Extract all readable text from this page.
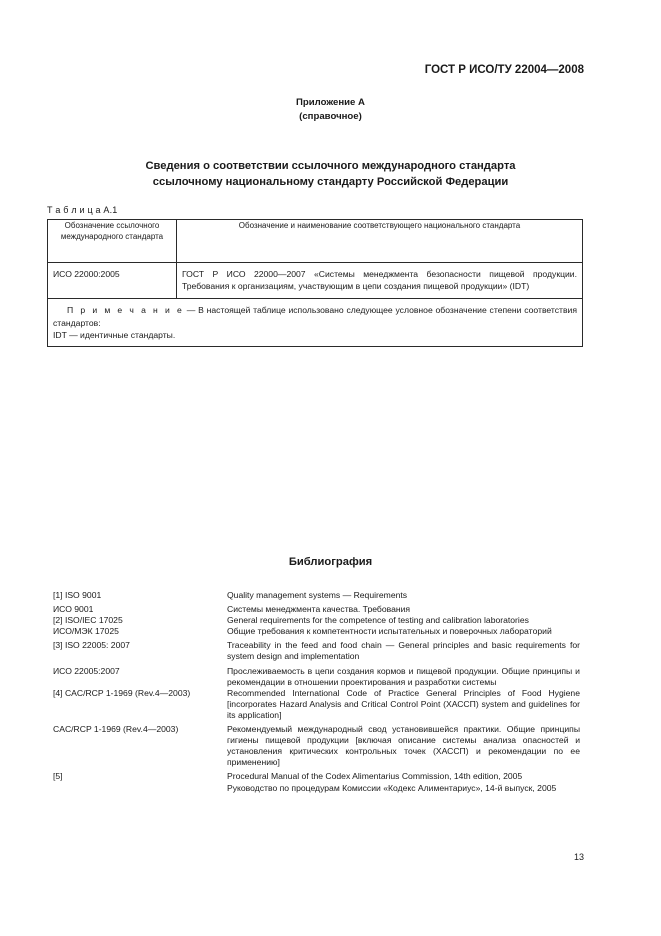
ГОСТ Р ИСО/ТУ 22004—2008
Приложение А
(справочное)
Сведения о соответствии ссылочного международного стандарта
ссылочному национальному стандарту Российской Федерации
Т а б л и ц а А.1
Обозначение ссылочного международного стандарта	Обозначение и наименование соответствующего национального стандарта
ИСО 22000:2005	ГОСТ Р ИСО 22000—2007 «Системы менеджмента безопасности пищевой продукции. Требования к организациям, участвующим в цепи создания пищевой продукции» (IDT)

П р и м е ч а н и е — В настоящей таблице использовано следующее условное обозначение степени соответствия стандартов:
IDT — идентичные стандарты.	
Библиография
[1] ISO 9001	Quality management systems — Requirements
ИСО 9001	Системы менеджмента качества. Требования
[2] ISO/IEC 17025	General requirements for the competence of testing and calibration laboratories
ИСО/МЭК 17025	Общие требования к компетентности испытательных и поверочных лаборатoрий
[3] ISO 22005: 2007	Traceability in the feed and food chain — General principles and basic requirements for system design and implementation
ИСО 22005:2007	Прослеживаемость в цепи создания кормов и пищевой продукции. Общие принципы и рекомендации в отношении проектирования и разработки системы
[4] CAC/RCP 1-1969 (Rev.4—2003)	Recommended International Code of Practice General Principles of Food Hygiene [incorporates Hazard Analysis and Critical Control Point (ХАССП) system and guidelines for its application]
CAC/RCP 1-1969 (Rev.4—2003)	Рекомендуемый международный свод установившейся практики. Общие принципы гигиены пищевой продукции [включая описание системы анализа опасностей и установления критических контрольных точек (ХАССП) и рекомендации по ее применению]
[5]	Procedural Manual of the Codex Alimentarius Commission, 14th edition, 2005
Руководство по процедурам Комиссии «Кодекс Алиментариус», 14-й выпуск, 2005
13
